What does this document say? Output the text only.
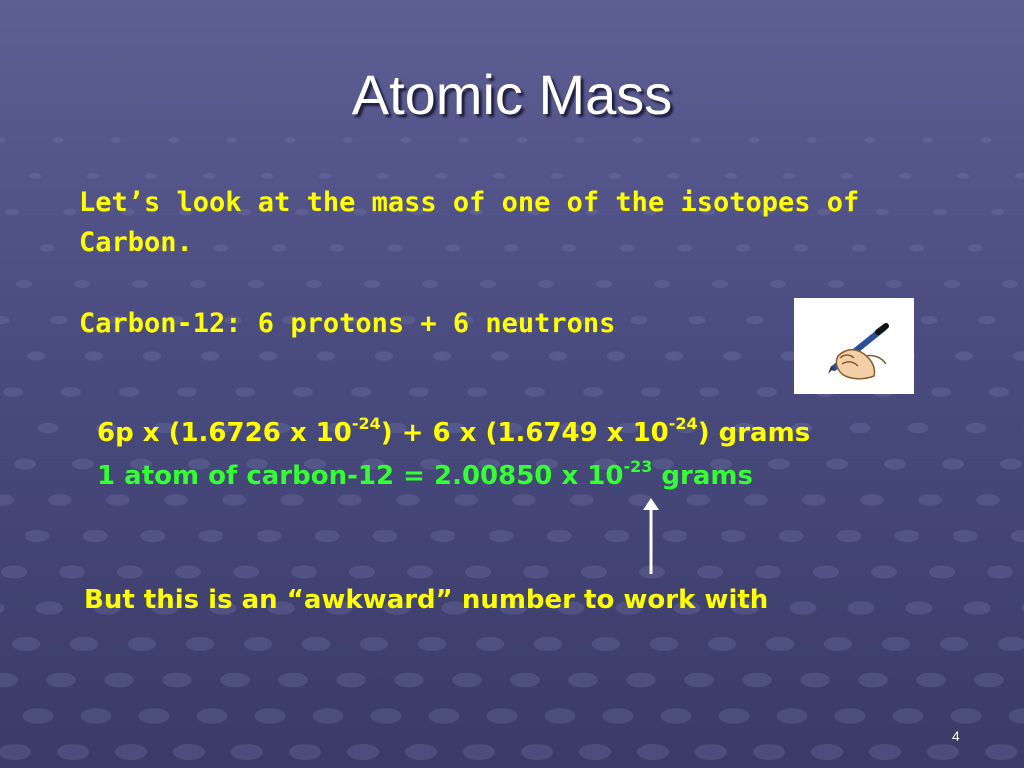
Atomic Mass
Let’s look at the mass of one of the isotopes of
Carbon.
Carbon-12: 6 protons + 6 neutrons
6p x (1.6726 x $10^{-24}) + 6$ x (1.6749 x $10^{-24}$) grams
1 atom of carbon-12 = 2.00850 x $10^{-23}$ grams
But this is an “awkward” number to work with
4
